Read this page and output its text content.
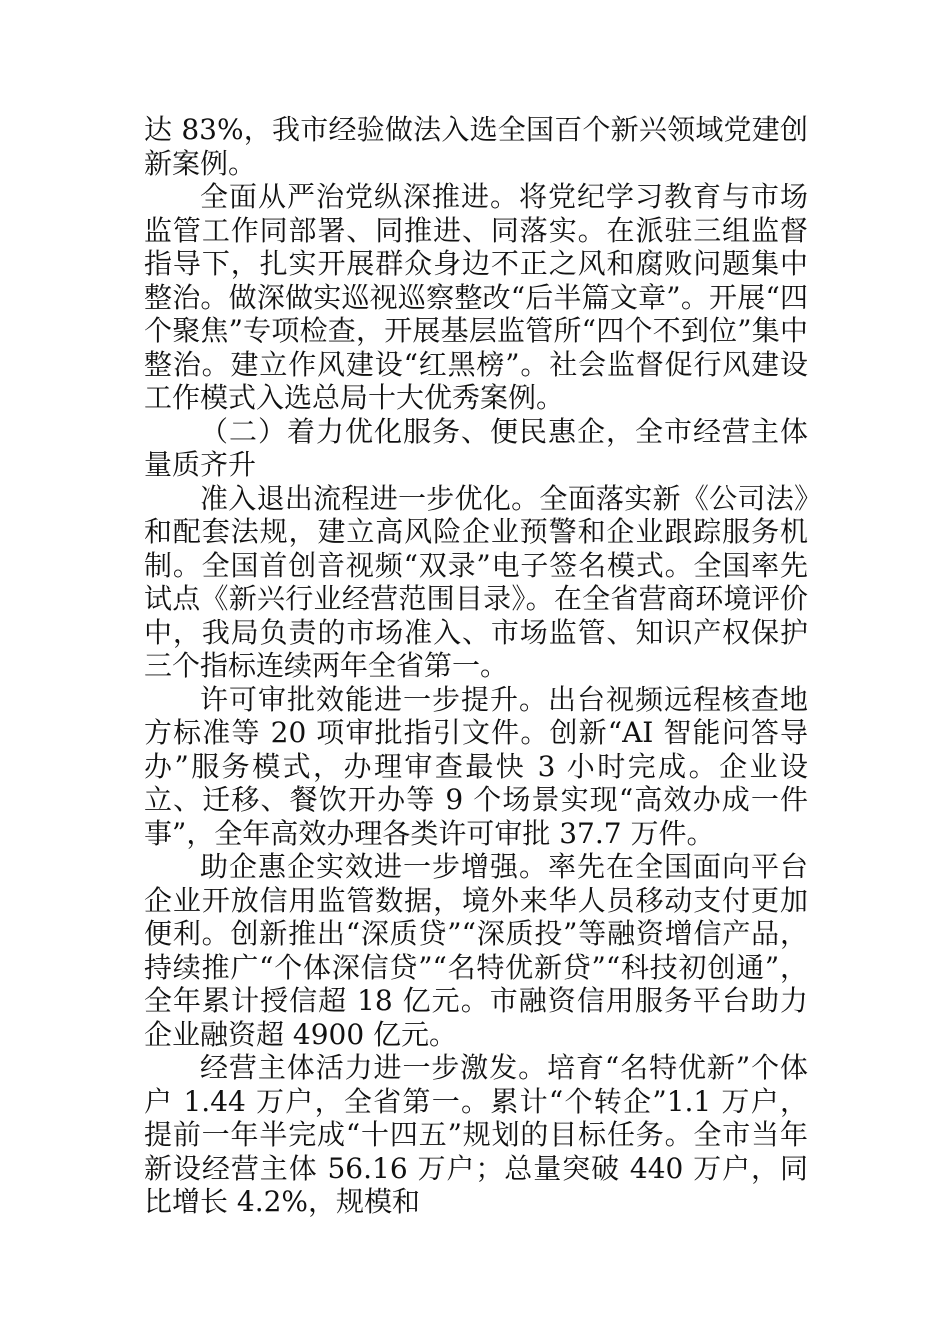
达 83%，我市经验做法入选全国百个新兴领域党建创新案例。

全面从严治党纵深推进。将党纪学习教育与市场监管工作同部署、同推进、同落实。在派驻三组监督指导下，扎实开展群众身边不正之风和腐败问题集中整治。做深做实巡视巡察整改“后半篇文章”。开展“四个聚焦”专项检查，开展基层监管所“四个不到位”集中整治。建立作风建设“红黑榜”。社会监督促行风建设工作模式入选总局十大优秀案例。

（二）着力优化服务、便民惠企，全市经营主体量质齐升

准入退出流程进一步优化。全面落实新《公司法》和配套法规，建立高风险企业预警和企业跟踪服务机制。全国首创音视频“双录”电子签名模式。全国率先试点《新兴行业经营范围目录》。在全省营商环境评价中，我局负责的市场准入、市场监管、知识产权保护三个指标连续两年全省第一。

许可审批效能进一步提升。出台视频远程核查地方标准等 20 项审批指引文件。创新“AI 智能问答导办”服务模式，办理审查最快 3 小时完成。企业设立、迁移、餐饮开办等 9 个场景实现“高效办成一件事”，全年高效办理各类许可审批 37.7 万件。

助企惠企实效进一步增强。率先在全国面向平台企业开放信用监管数据，境外来华人员移动支付更加便利。创新推出“深质贷”“深质投”等融资增信产品，持续推广“个体深信贷”“名特优新贷”“科技初创通”，全年累计授信超 18 亿元。市融资信用服务平台助力企业融资超 4900 亿元。

经营主体活力进一步激发。培育“名特优新”个体户 1.44 万户，全省第一。累计“个转企”1.1 万户，提前一年半完成“十四五”规划的目标任务。全市当年新设经营主体 56.16 万户；总量突破 440 万户，同比增长 4.2%，规模和
